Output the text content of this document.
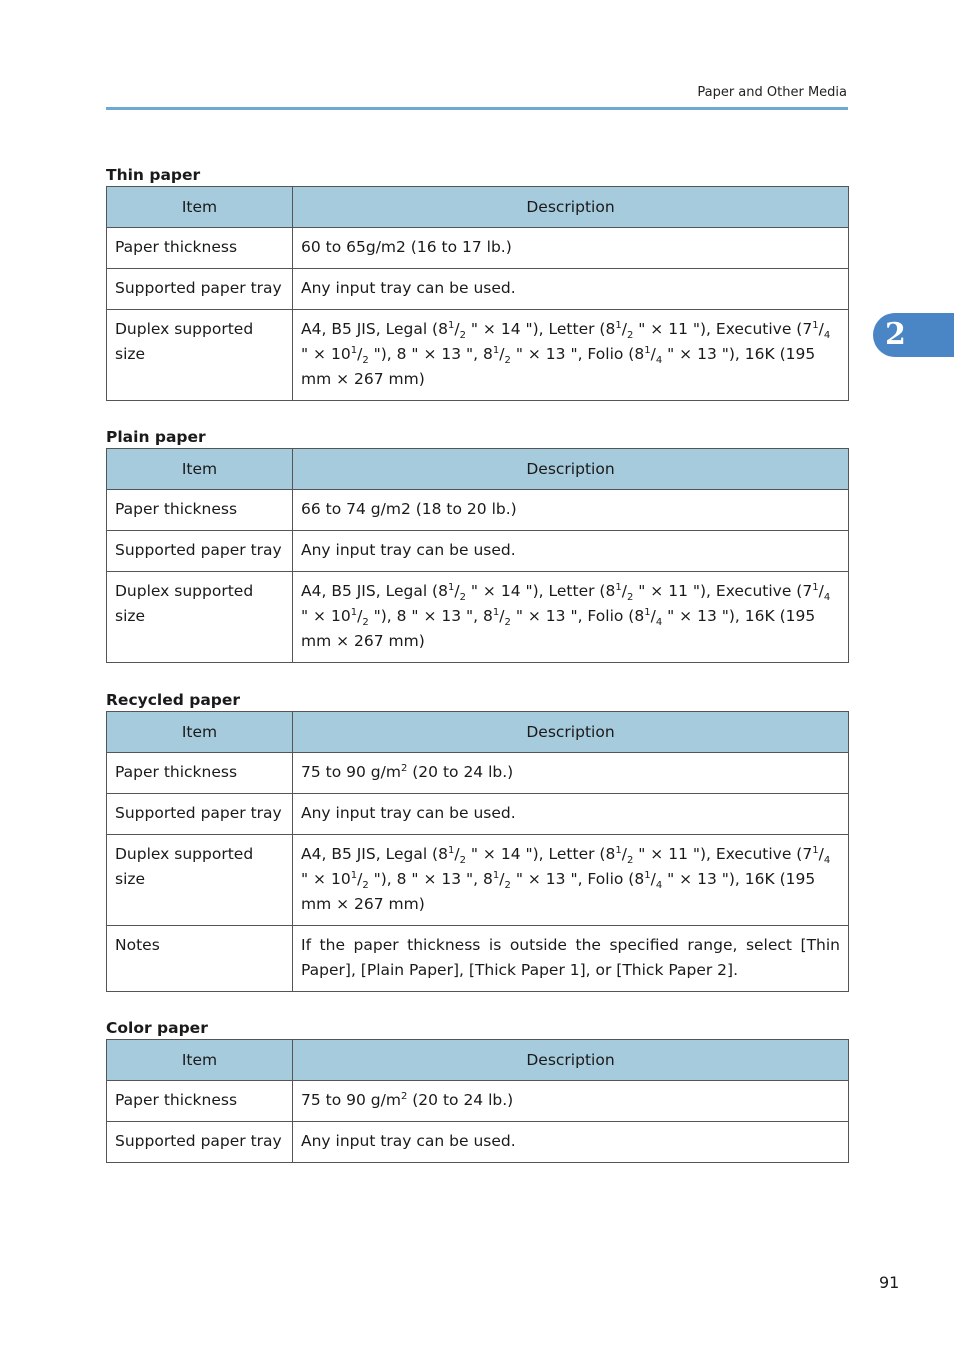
Paper and Other Media
2
Thin paper
Item	Description
Paper thickness	60 to 65g/m2 (16 to 17 lb.)
Supported paper tray	Any input tray can be used.
Duplex supported size	A4, B5 JIS, Legal ($8^1/_2$ " × 14 "), Letter ($8^1/_2$ " × 11 "), Executive ($7^1/_4$ " × $10^1/_2$ "), 8 " × 13 ", $8^1/_2$ " × 13 ", Folio ($8^1/_4$ " × 13 "), 16K (195 mm × 267 mm)
Plain paper
Item	Description
Paper thickness	66 to 74 g/m2 (18 to 20 lb.)
Supported paper tray	Any input tray can be used.
Duplex supported size	A4, B5 JIS, Legal ($8^1/_2$ " × 14 "), Letter ($8^1/_2$ " × 11 "), Executive ($7^1/_4$ " × $10^1/_2$ "), 8 " × 13 ", $8^1/_2$ " × 13 ", Folio ($8^1/_4$ " × 13 "), 16K (195 mm × 267 mm)
Recycled paper
Item	Description
Paper thickness	75 to 90 $g/m^2$ (20 to 24 lb.)
Supported paper tray	Any input tray can be used.
Duplex supported size	A4, B5 JIS, Legal ($8^1/_2$ " × 14 "), Letter ($8^1/_2$ " × 11 "), Executive ($7^1/_4$ " × $10^1/_2$ "), 8 " × 13 ", $8^1/_2$ " × 13 ", Folio ($8^1/_4$ " × 13 "), 16K (195 mm × 267 mm)
Notes	If the paper thickness is outside the specified range, select [Thin Paper], [Plain Paper], [Thick Paper 1], or [Thick Paper 2].
Color paper
Item	Description
Paper thickness	75 to 90 $g/m^2$ (20 to 24 lb.)
Supported paper tray	Any input tray can be used.
91
